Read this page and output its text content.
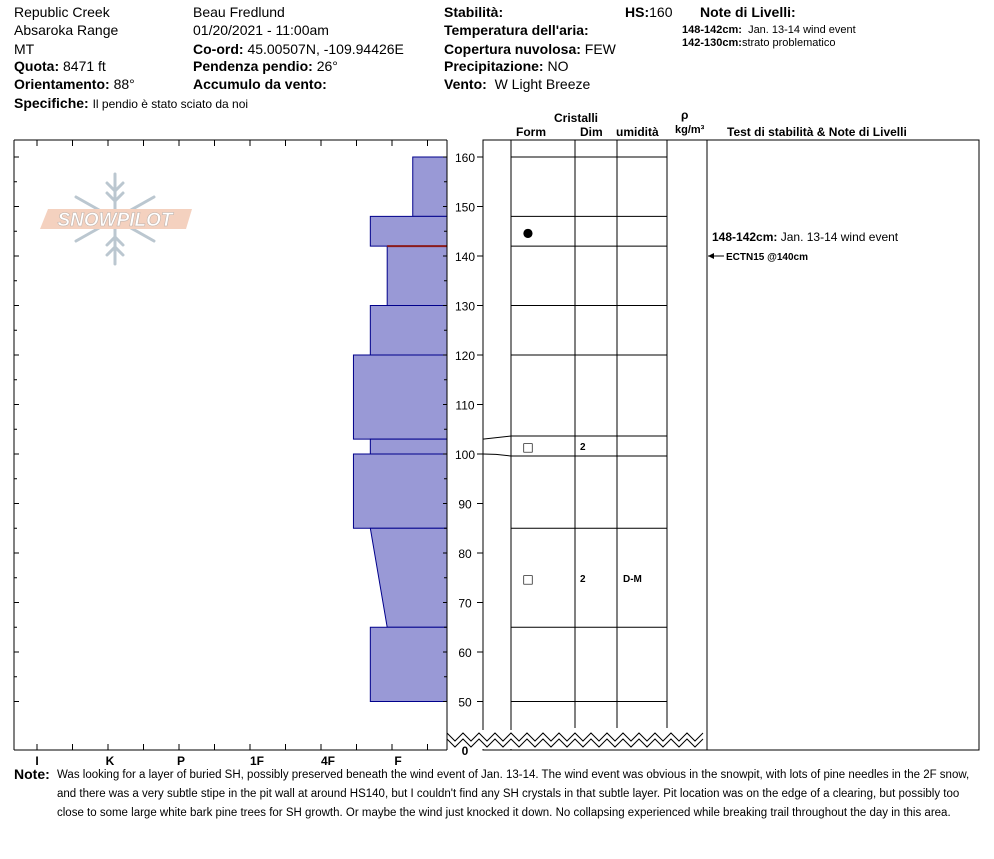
Republic Creek
Absaroka Range
MT
Quota: 8471 ft
Orientamento: 88°
Specifiche: Il pendio è stato sciato da noi
Beau Fredlund
01/20/2021 - 11:00am
Co-ord: 45.00507N, -109.94426E
Pendenza pendio: 26°
Accumulo da vento:
Stabilità:
Temperatura dell'aria:
Copertura nuvolosa: FEW
Precipitazione: NO
Vento: W Light Breeze
HS:160 Note di Livelli:
148-142cm: Jan. 13-14 wind event
142-130cm:strato problematico
Cristalli
Form	Dim umidità
ρ
kg/m³ Test di stabilità & Note di Livelli
SNOWPILOT
0
50
60
70
80
90
100
110
120
130
140
150
160
I	K	P	1F	4F	F
●
□	2
□	2	D-M
148-142cm: Jan. 13-14 wind event
ECTN15 @140cm
Note: Was looking for a layer of buried SH, possibly preserved beneath the wind event of Jan. 13-14. The wind event was obvious in the snowpit, with lots of pine needles in the 2F snow, and there was a very subtle stipe in the pit wall at around HS140, but I couldn't find any SH crystals in that subtle layer. Pit location was on the edge of a clearing, but possibly too close to some large white bark pine trees for SH growth. Or maybe the wind just knocked it down. No collapsing experienced while breaking trail throughout the day in this area.
